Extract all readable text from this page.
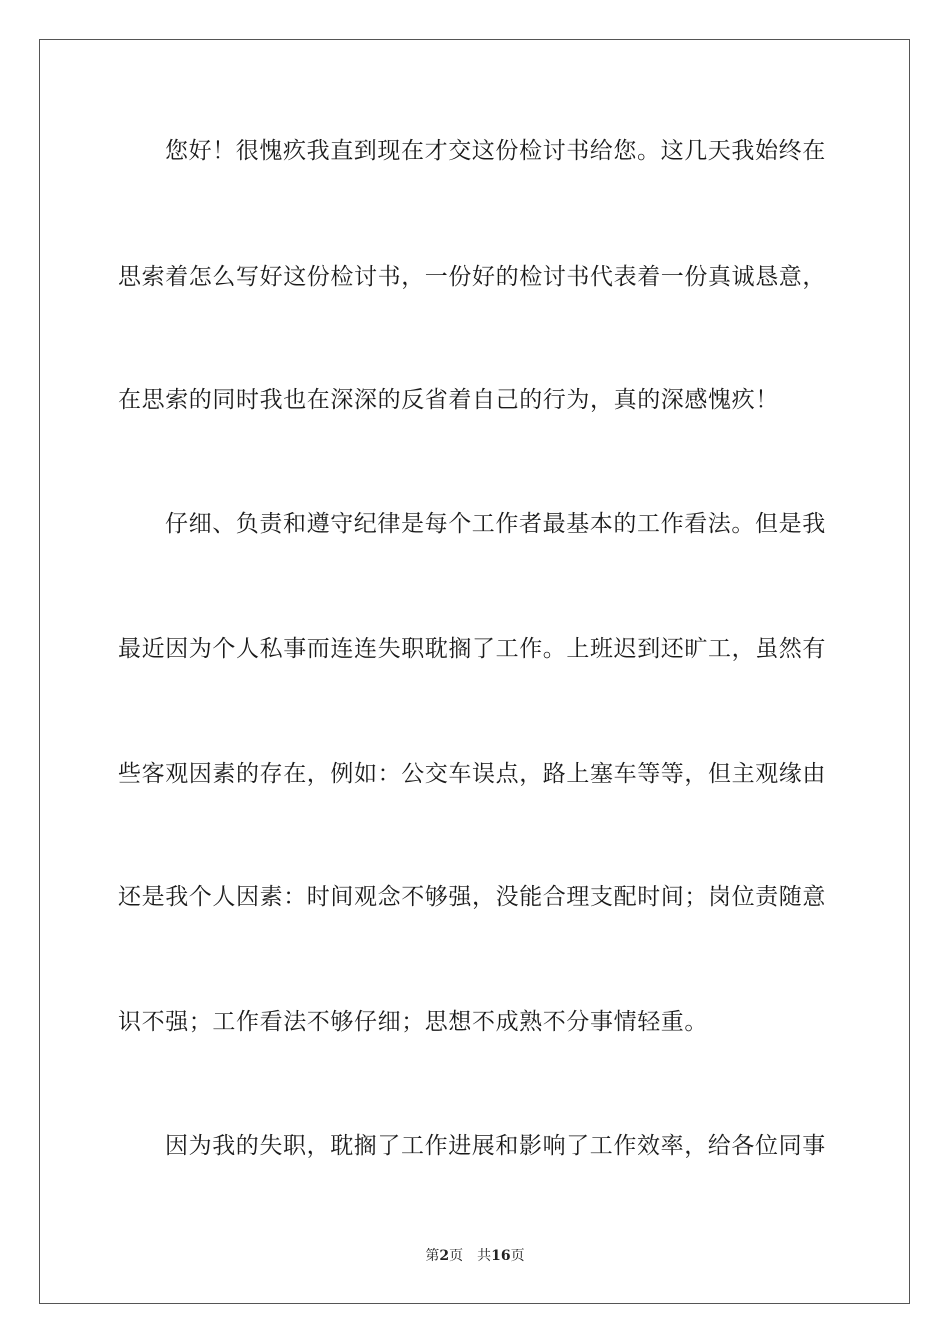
您好！很愧疚我直到现在才交这份检讨书给您。这几天我始终在
思索着怎么写好这份检讨书，一份好的检讨书代表着一份真诚恳意，
在思索的同时我也在深深的反省着自己的行为，真的深感愧疚！
仔细、负责和遵守纪律是每个工作者最基本的工作看法。但是我
最近因为个人私事而连连失职耽搁了工作。上班迟到还旷工，虽然有
些客观因素的存在，例如：公交车误点，路上塞车等等，但主观缘由
还是我个人因素：时间观念不够强，没能合理支配时间；岗位责随意
识不强；工作看法不够仔细；思想不成熟不分事情轻重。
因为我的失职，耽搁了工作进展和影响了工作效率，给各位同事
第2页 共16页
